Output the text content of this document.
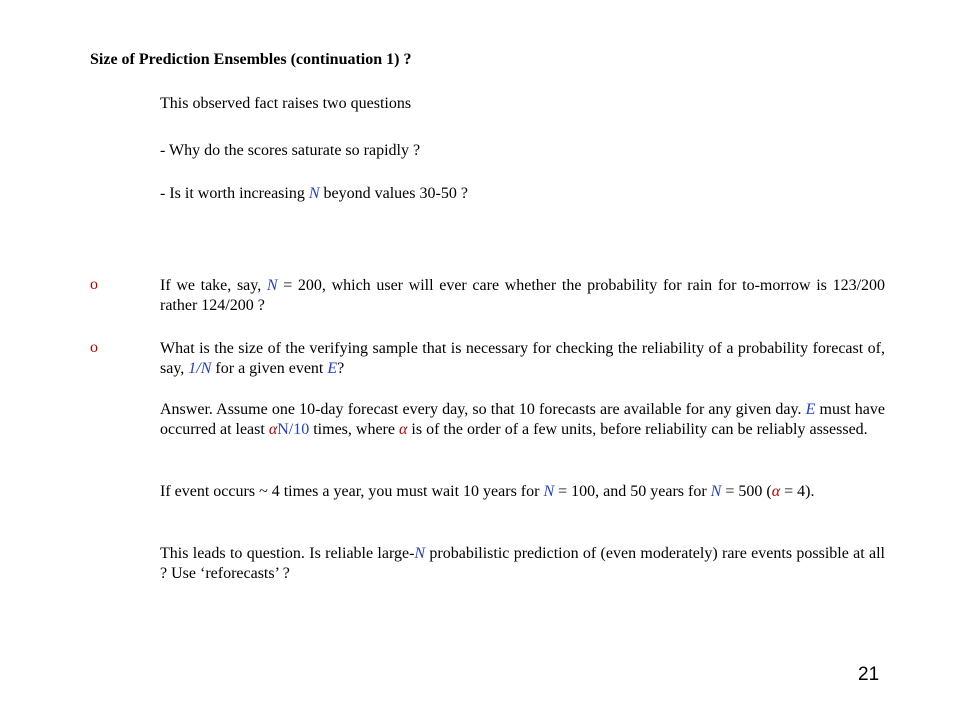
Size of Prediction Ensembles (continuation 1) ?
This observed fact raises two questions
- Why do the scores saturate so rapidly ?
- Is it worth increasing N beyond values 30-50 ?
o	If we take, say, N = 200, which user will ever care whether the probability for rain for to-morrow is 123/200 rather 124/200 ?
o	What is the size of the verifying sample that is necessary for checking the reliability of a probability forecast of, say, 1/N for a given event E?
Answer. Assume one 10-day forecast every day, so that 10 forecasts are available for any given day. E must have occurred at least αN/10 times, where α is of the order of a few units, before reliability can be reliably assessed.
If event occurs ~ 4 times a year, you must wait 10 years for N = 100, and 50 years for N = 500 (α = 4).
This leads to question. Is reliable large-N probabilistic prediction of (even moderately) rare events possible at all ? Use ‘reforecasts’ ?
21
